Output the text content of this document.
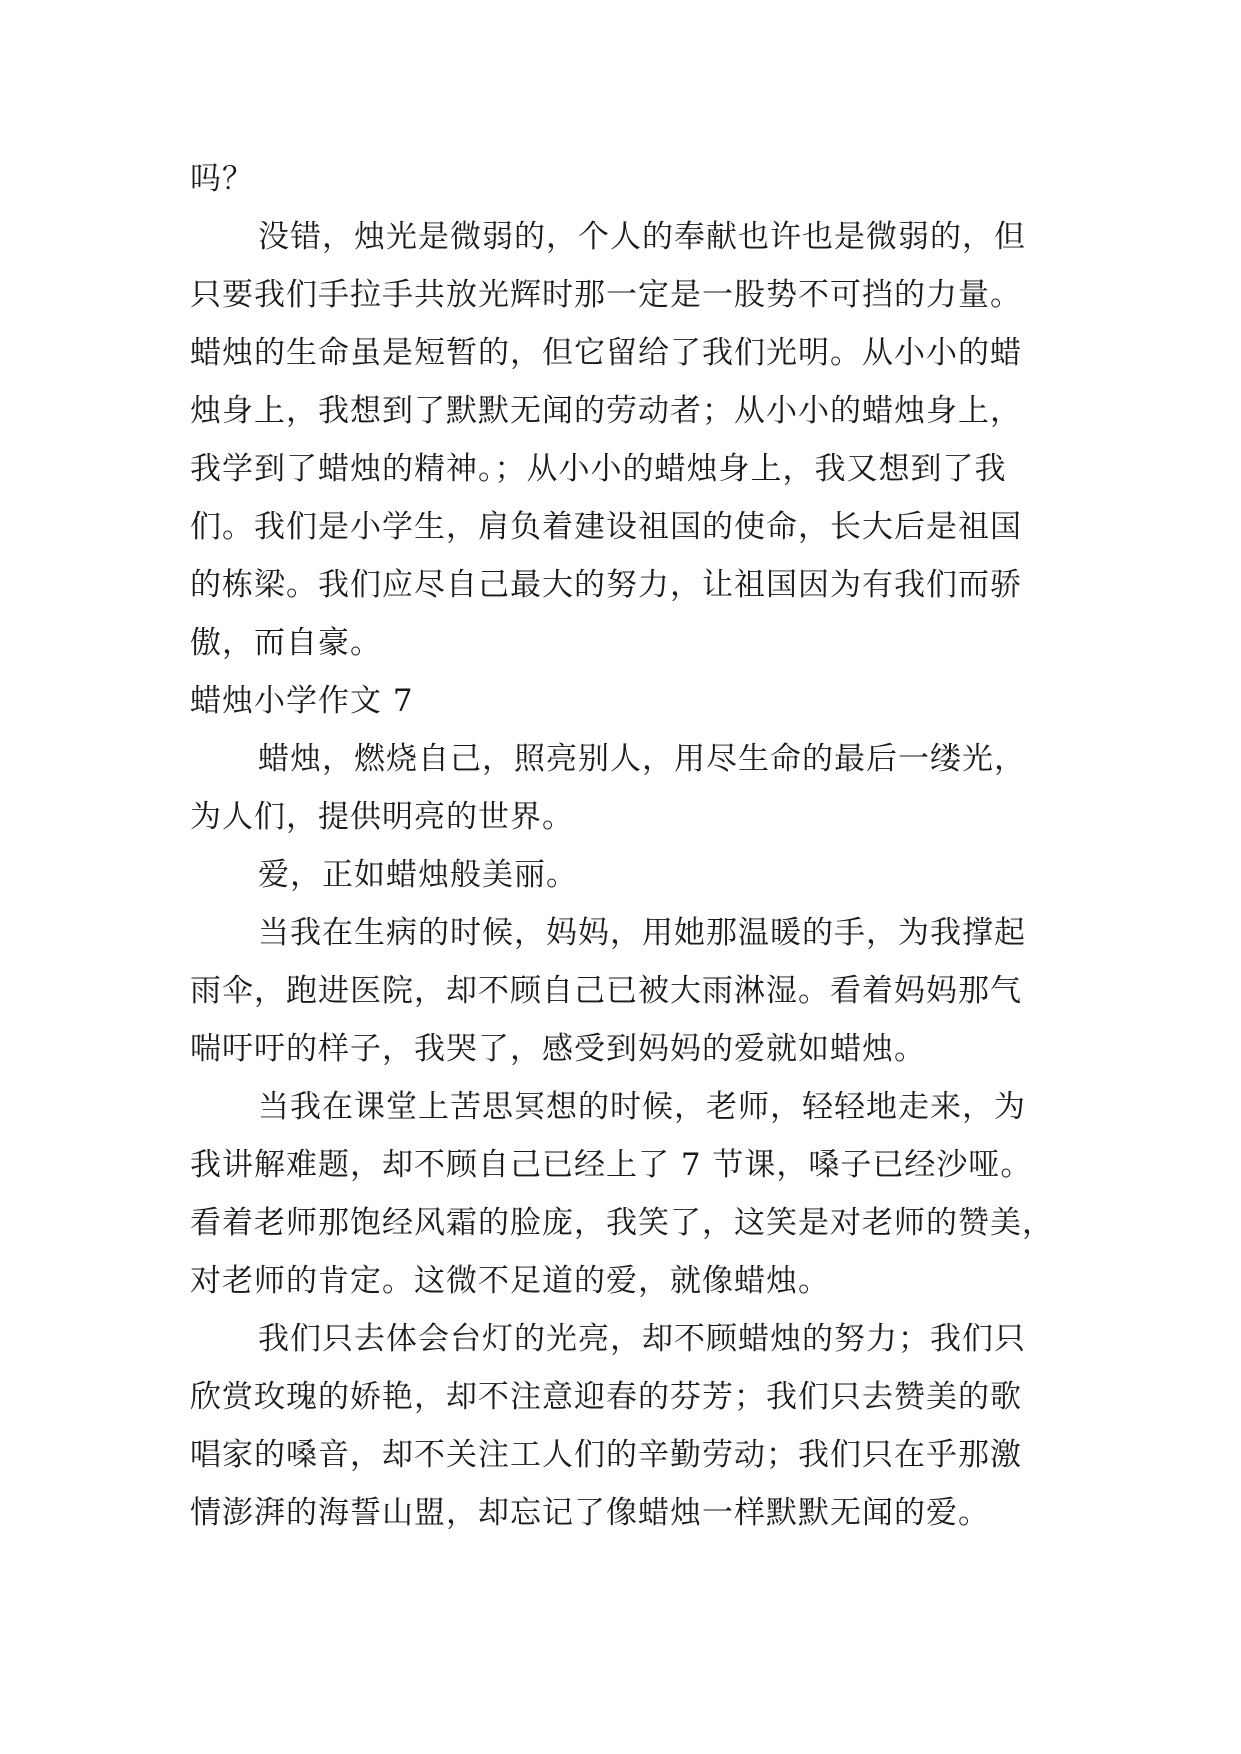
吗？
没错，烛光是微弱的，个人的奉献也许也是微弱的，但
只要我们手拉手共放光辉时那一定是一股势不可挡的力量。
蜡烛的生命虽是短暂的，但它留给了我们光明。从小小的蜡
烛身上，我想到了默默无闻的劳动者；从小小的蜡烛身上，
我学到了蜡烛的精神。；从小小的蜡烛身上，我又想到了我
们。我们是小学生，肩负着建设祖国的使命，长大后是祖国
的栋梁。我们应尽自己最大的努力，让祖国因为有我们而骄
傲，而自豪。
蜡烛小学作文 7
蜡烛，燃烧自己，照亮别人，用尽生命的最后一缕光，
为人们，提供明亮的世界。
爱，正如蜡烛般美丽。
当我在生病的时候，妈妈，用她那温暖的手，为我撑起
雨伞，跑进医院，却不顾自己已被大雨淋湿。看着妈妈那气
喘吁吁的样子，我哭了，感受到妈妈的爱就如蜡烛。
当我在课堂上苦思冥想的时候，老师，轻轻地走来，为
我讲解难题，却不顾自己已经上了 7 节课，嗓子已经沙哑。
看着老师那饱经风霜的脸庞，我笑了，这笑是对老师的赞美，
对老师的肯定。这微不足道的爱，就像蜡烛。
我们只去体会台灯的光亮，却不顾蜡烛的努力；我们只
欣赏玫瑰的娇艳，却不注意迎春的芬芳；我们只去赞美的歌
唱家的嗓音，却不关注工人们的辛勤劳动；我们只在乎那激
情澎湃的海誓山盟，却忘记了像蜡烛一样默默无闻的爱。
